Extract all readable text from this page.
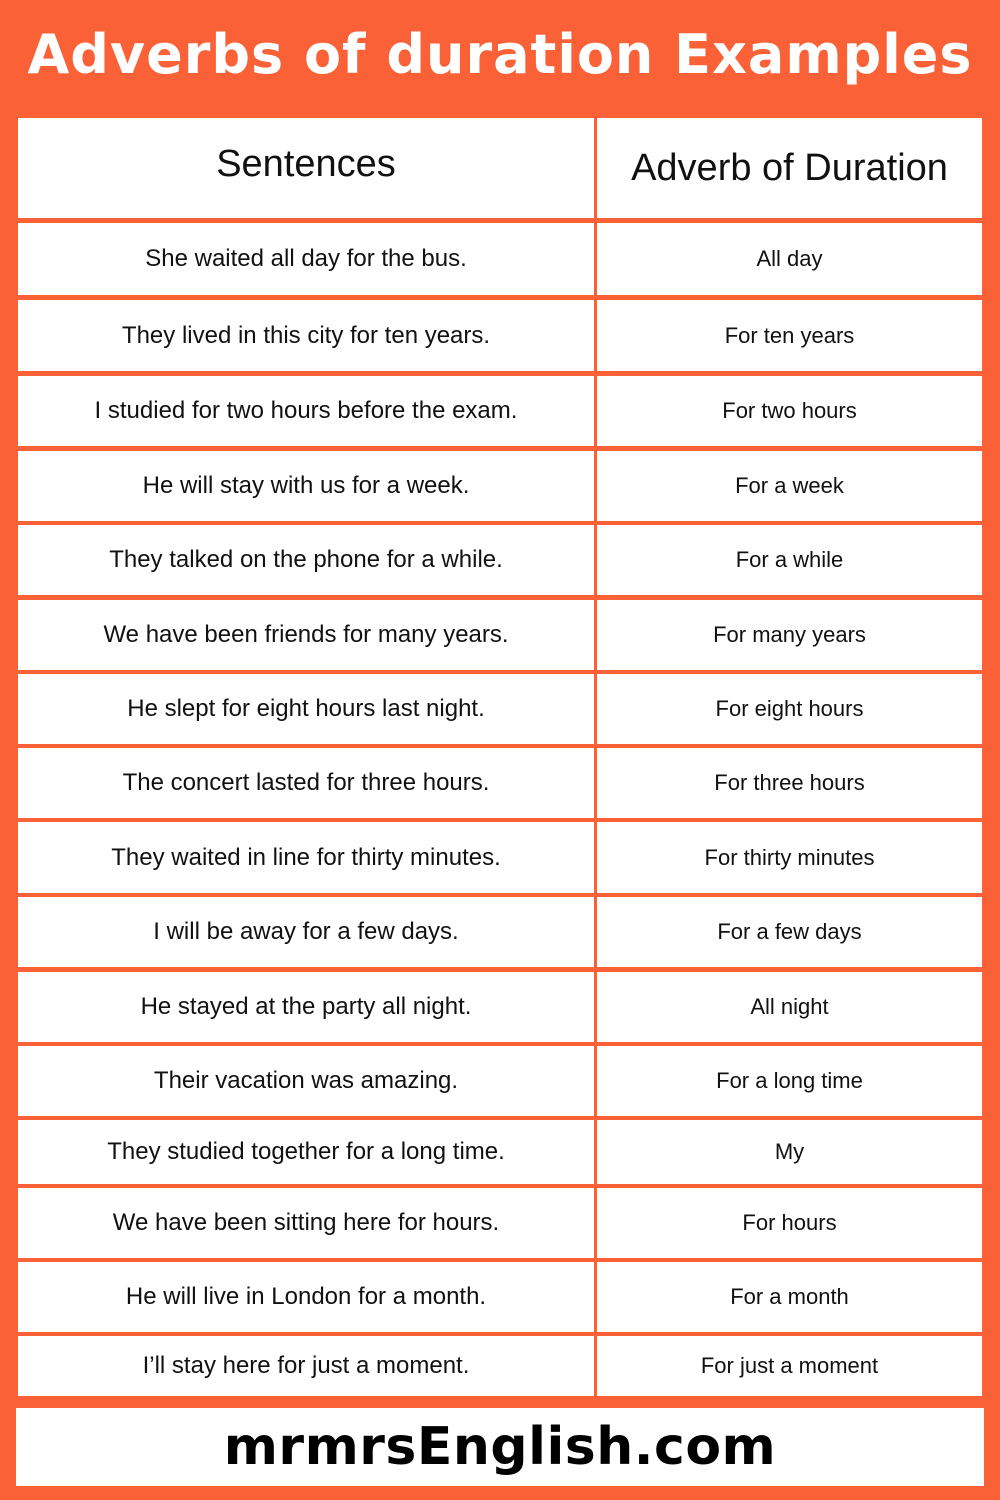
Adverbs of duration Examples
Sentences	Adverb of Duration
She waited all day for the bus.	All day
They lived in this city for ten years.	For ten years
I studied for two hours before the exam.	For two hours
He will stay with us for a week.	For a week
They talked on the phone for a while.	For a while
We have been friends for many years.	For many years
He slept for eight hours last night.	For eight hours
The concert lasted for three hours.	For three hours
They waited in line for thirty minutes.	For thirty minutes
I will be away for a few days.	For a few days
He stayed at the party all night.	All night
Their vacation was amazing.	For a long time
They studied together for a long time.	My
We have been sitting here for hours.	For hours
He will live in London for a month.	For a month
I’ll stay here for just a moment.	For just a moment
mrmrsEnglish.com
